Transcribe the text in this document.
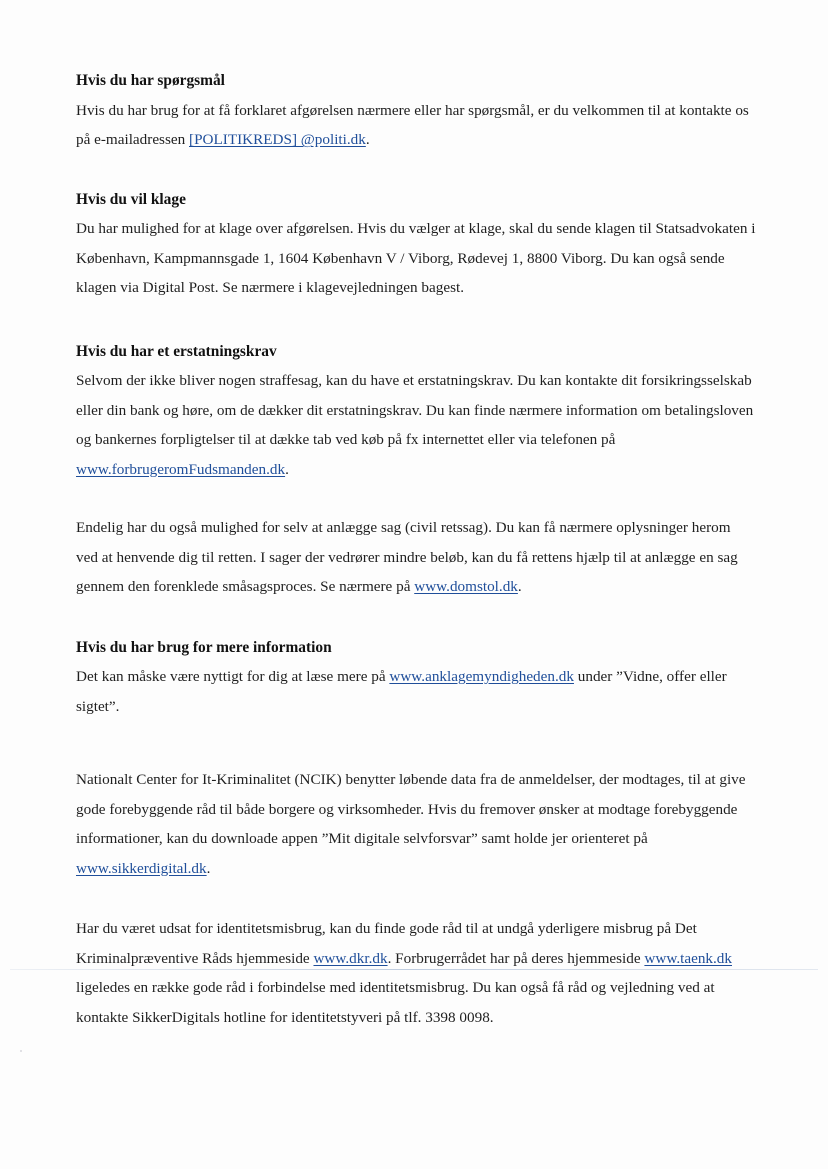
Hvis du har spørgsmål

Hvis du har brug for at få forklaret afgørelsen nærmere eller har spørgsmål, er du velkommen til at kontakte os på e-mailadressen [POLITIKREDS] @politi.dk.

Hvis du vil klage

Du har mulighed for at klage over afgørelsen. Hvis du vælger at klage, skal du sende klagen til Statsadvokaten i København, Kampmannsgade 1, 1604 København V / Viborg, Rødevej 1, 8800 Viborg. Du kan også sende klagen via Digital Post. Se nærmere i klagevejledningen bagest.

Hvis du har et erstatningskrav

Selvom der ikke bliver nogen straffesag, kan du have et erstatningskrav. Du kan kontakte dit forsikringsselskab eller din bank og høre, om de dækker dit erstatningskrav. Du kan finde nærmere information om betalingsloven og bankernes forpligtelser til at dække tab ved køb på fx internettet eller via telefonen på www.forbrugeromFudsmanden.dk.

Endelig har du også mulighed for selv at anlægge sag (civil retssag). Du kan få nærmere oplysninger herom ved at henvende dig til retten. I sager der vedrører mindre beløb, kan du få rettens hjælp til at anlægge en sag gennem den forenklede småsagsproces. Se nærmere på www.domstol.dk.

Hvis du har brug for mere information

Det kan måske være nyttigt for dig at læse mere på www.anklagemyndigheden.dk under ”Vidne, offer eller sigtet”.

Nationalt Center for It-Kriminalitet (NCIK) benytter løbende data fra de anmeldelser, der modtages, til at give gode forebyggende råd til både borgere og virksomheder. Hvis du fremover ønsker at modtage forebyggende informationer, kan du downloade appen ”Mit digitale selvforsvar” samt holde jer orienteret på www.sikkerdigital.dk.

Har du været udsat for identitetsmisbrug, kan du finde gode råd til at undgå yderligere misbrug på Det Kriminalpræventive Råds hjemmeside www.dkr.dk. Forbrugerrådet har på deres hjemmeside www.taenk.dk ligeledes en række gode råd i forbindelse med identitetsmisbrug. Du kan også få råd og vejledning ved at kontakte SikkerDigitals hotline for identitetstyveri på tlf. 3398 0098.
